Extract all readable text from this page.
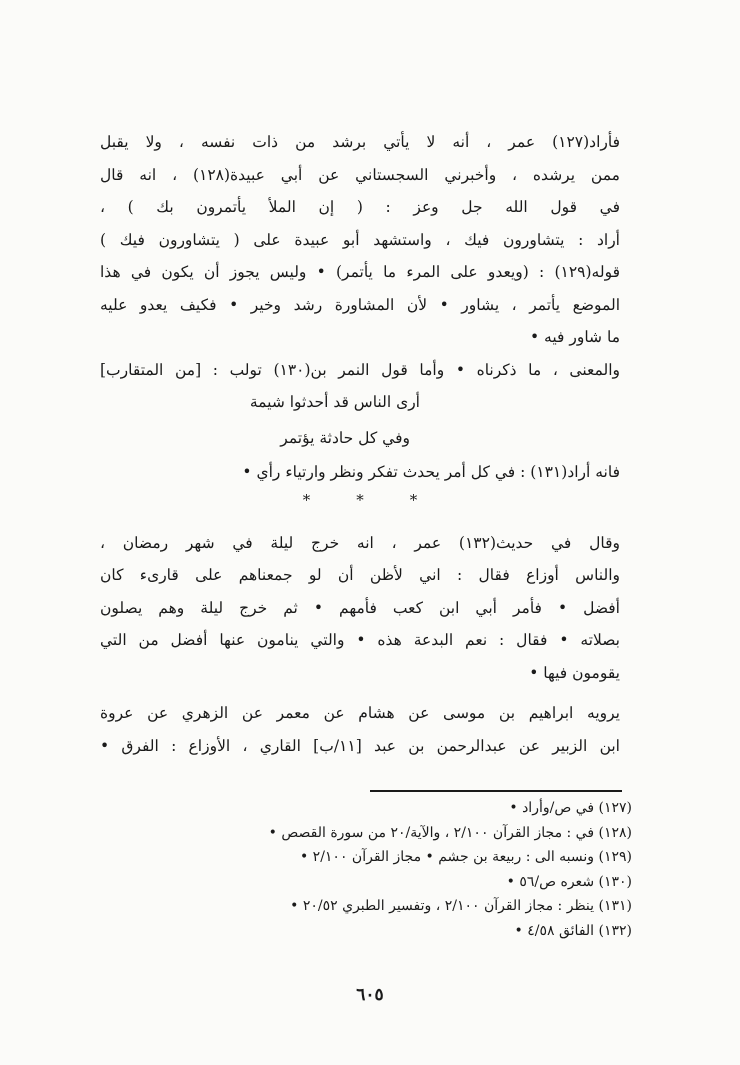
فأراد(١٢٧) عمر ، أنه لا يأتي برشد من ذات نفسه ، ولا يقبل
ممن يرشده ، وأخبرني السجستاني عن أبي عبيدة(١٢٨) ، انه قال
في قول الله جل وعز : ( إن الملأ يأتمرون بك ) ،
أراد : يتشاورون فيك ، واستشهد أبو عبيدة على ( يتشاورون فيك )
قوله(١٢٩) : (ويعدو على المرء ما يأتمر) • وليس يجوز أن يكون في هذا
الموضع يأتمر ، يشاور • لأن المشاورة رشد وخير • فكيف يعدو عليه
ما شاور فيه •

والمعنى ، ما ذكرناه • وأما قول النمر بن(١٣٠) تولب : [من المتقارب]

أرى الناس قد أحدثوا شيمة
وفي كل حادثة يؤتمر

فانه أراد(١٣١) : في كل أمر يحدث تفكر ونظر وارتياء رأي •

*
*
*

وقال في حديث(١٣٢) عمر ، انه خرج ليلة في شهر رمضان ،
والناس أوزاع فقال : اني لأظن أن لو جمعناهم على قارىء كان
أفضل • فأمر أبي ابن كعب فأمهم • ثم خرج ليلة وهم يصلون
بصلاته • فقال : نعم البدعة هذه • والتي ينامون عنها أفضل من التي
يقومون فيها •

يرويه ابراهيم بن موسى عن هشام عن معمر عن الزهري عن عروة
ابن الزبير عن عبدالرحمن بن عبد [١١/ب] القاري ، الأوزاع : الفرق •

(١٢٧) في ص/وأراد •

(١٢٨) في : مجاز القرآن ٢/١٠٠ ، والآية/٢٠ من سورة القصص •

(١٢٩) ونسبه الى : ربيعة بن جشم • مجاز القرآن ٢/١٠٠ •

(١٣٠) شعره ص/٥٦ •

(١٣١) ينظر : مجاز القرآن ٢/١٠٠ ، وتفسير الطبري ٢٠/٥٢ •

(١٣٢) الفائق ٤/٥٨ •

٦٠٥
